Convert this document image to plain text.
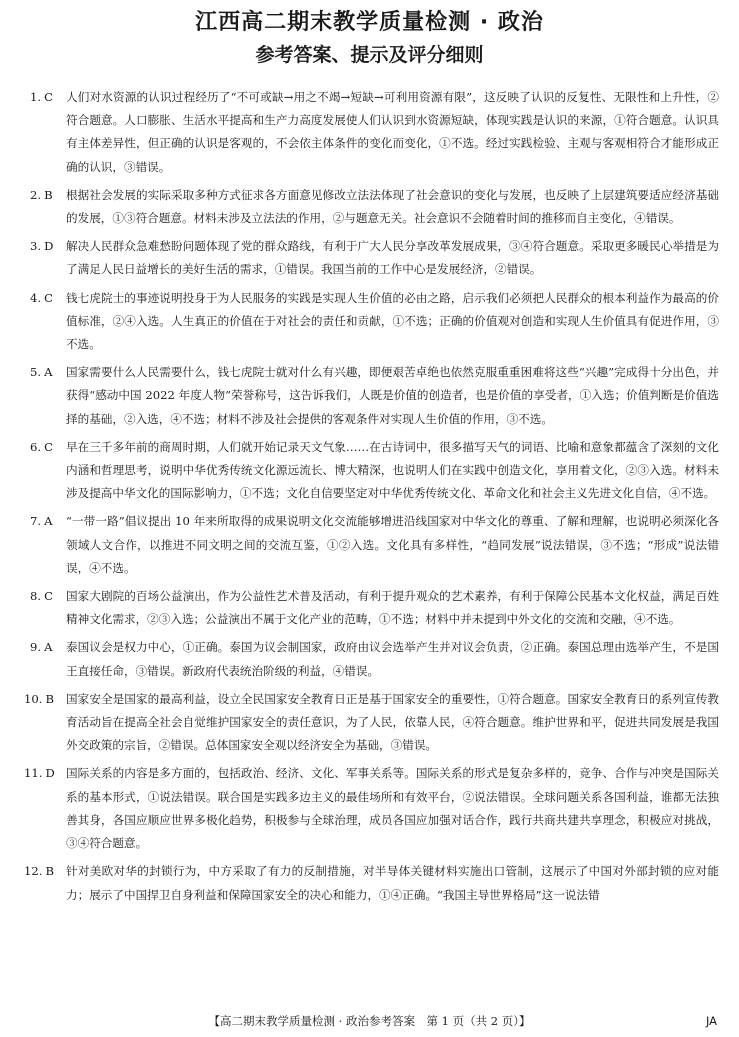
江西高二期末教学质量检测 · 政治
参考答案、提示及评分细则
1. C	人们对水资源的认识过程经历了“不可或缺→用之不竭→短缺→可利用资源有限”，这反映了认识的反复性、无限性和上升性，②符合题意。人口膨胀、生活水平提高和生产力高度发展使人们认识到水资源短缺，体现实践是认识的来源，①符合题意。认识具有主体差异性，但正确的认识是客观的，不会依主体条件的变化而变化，①不选。经过实践检验、主观与客观相符合才能形成正确的认识，③错误。
2. B	根据社会发展的实际采取多种方式征求各方面意见修改立法法体现了社会意识的变化与发展，也反映了上层建筑要适应经济基础的发展，①③符合题意。材料未涉及立法法的作用，②与题意无关。社会意识不会随着时间的推移而自主变化，④错误。
3. D	解决人民群众急难愁盼问题体现了党的群众路线，有利于广大人民分享改革发展成果，③④符合题意。采取更多暖民心举措是为了满足人民日益增长的美好生活的需求，①错误。我国当前的工作中心是发展经济，②错误。
4. C	钱七虎院士的事迹说明投身于为人民服务的实践是实现人生价值的必由之路，启示我们必须把人民群众的根本利益作为最高的价值标准，②④入选。人生真正的价值在于对社会的责任和贡献，①不选；正确的价值观对创造和实现人生价值具有促进作用，③不选。
5. A	国家需要什么人民需要什么，钱七虎院士就对什么有兴趣，即便艰苦卓绝也依然克服重重困难将这些“兴趣”完成得十分出色，并获得“感动中国 2022 年度人物”荣誉称号，这告诉我们，人既是价值的创造者，也是价值的享受者，①入选；价值判断是价值选择的基础，②入选，④不选；材料不涉及社会提供的客观条件对实现人生价值的作用，③不选。
6. C	早在三千多年前的商周时期，人们就开始记录天文气象……在古诗词中，很多描写天气的词语、比喻和意象都蕴含了深刻的文化内涵和哲理思考，说明中华优秀传统文化源远流长、博大精深，也说明人们在实践中创造文化，享用着文化，②③入选。材料未涉及提高中华文化的国际影响力，①不选；文化自信要坚定对中华优秀传统文化、革命文化和社会主义先进文化自信，④不选。
7. A	“一带一路”倡议提出 10 年来所取得的成果说明文化交流能够增进沿线国家对中华文化的尊重、了解和理解，也说明必须深化各领域人文合作，以推进不同文明之间的交流互鉴，①②入选。文化具有多样性，“趋同发展”说法错误，③不选；“形成”说法错误，④不选。
8. C	国家大剧院的百场公益演出，作为公益性艺术普及活动，有利于提升观众的艺术素养，有利于保障公民基本文化权益，满足百姓精神文化需求，②③入选；公益演出不属于文化产业的范畴，①不选；材料中并未提到中外文化的交流和交融，④不选。
9. A	泰国议会是权力中心，①正确。泰国为议会制国家，政府由议会选举产生并对议会负责，②正确。泰国总理由选举产生，不是国王直接任命，③错误。新政府代表统治阶级的利益，④错误。
10. B	国家安全是国家的最高利益，设立全民国家安全教育日正是基于国家安全的重要性，①符合题意。国家安全教育日的系列宣传教育活动旨在提高全社会自觉维护国家安全的责任意识，为了人民，依靠人民，④符合题意。维护世界和平，促进共同发展是我国外交政策的宗旨，②错误。总体国家安全观以经济安全为基础，③错误。
11. D 国际关系的内容是多方面的，包括政治、经济、文化、军事关系等。国际关系的形式是复杂多样的，竞争、合作与冲突是国际关系的基本形式，①说法错误。联合国是实践多边主义的最佳场所和有效平台，②说法错误。全球问题关系各国利益，谁都无法独善其身，各国应顺应世界多极化趋势，积极参与全球治理，成员各国应加强对话合作，践行共商共建共享理念，积极应对挑战，③④符合题意。
12. B	针对美欧对华的封锁行为，中方采取了有力的反制措施，对半导体关键材料实施出口管制，这展示了中国对外部封锁的应对能力；展示了中国捍卫自身利益和保障国家安全的决心和能力，①④正确。“我国主导世界格局”这一说法错
【高二期末教学质量检测 · 政治参考答案　第 1 页（共 2 页）】	JA
